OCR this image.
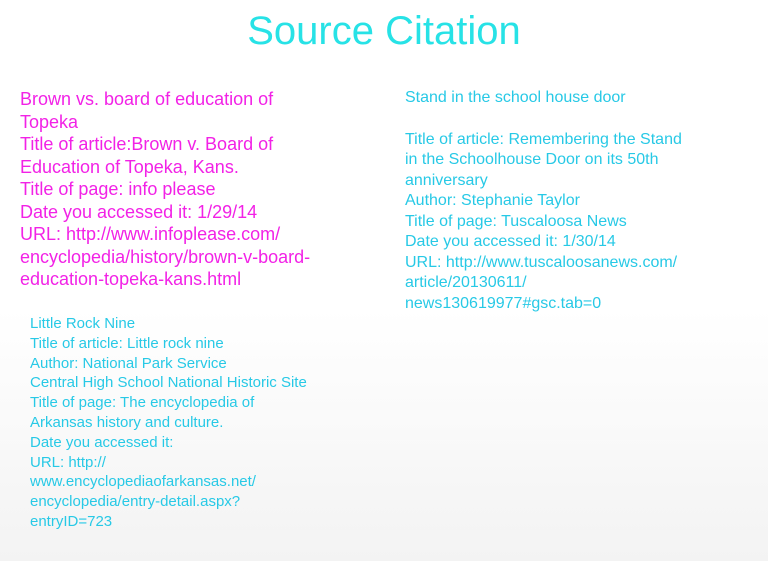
Source Citation
Brown vs. board of education of
Topeka
Title of article:Brown v. Board of
Education of Topeka, Kans.
Title of page: info please
Date you accessed it: 1/29/14
URL: http://www.infoplease.com/
encyclopedia/history/brown-v-board-
education-topeka-kans.html
Stand in the school house door
Title of article: Remembering the Stand
in the Schoolhouse Door on its 50th
anniversary
Author: Stephanie Taylor
Title of page: Tuscaloosa News
Date you accessed it: 1/30/14
URL: http://www.tuscaloosanews.com/
article/20130611/
news130619977#gsc.tab=0
Little Rock Nine
Title of article: Little rock nine
Author: National Park Service
Central High School National Historic Site
Title of page: The encyclopedia of
Arkansas history and culture.
Date you accessed it:
URL: http://
www.encyclopediaofarkansas.net/
encyclopedia/entry-detail.aspx?
entryID=723
